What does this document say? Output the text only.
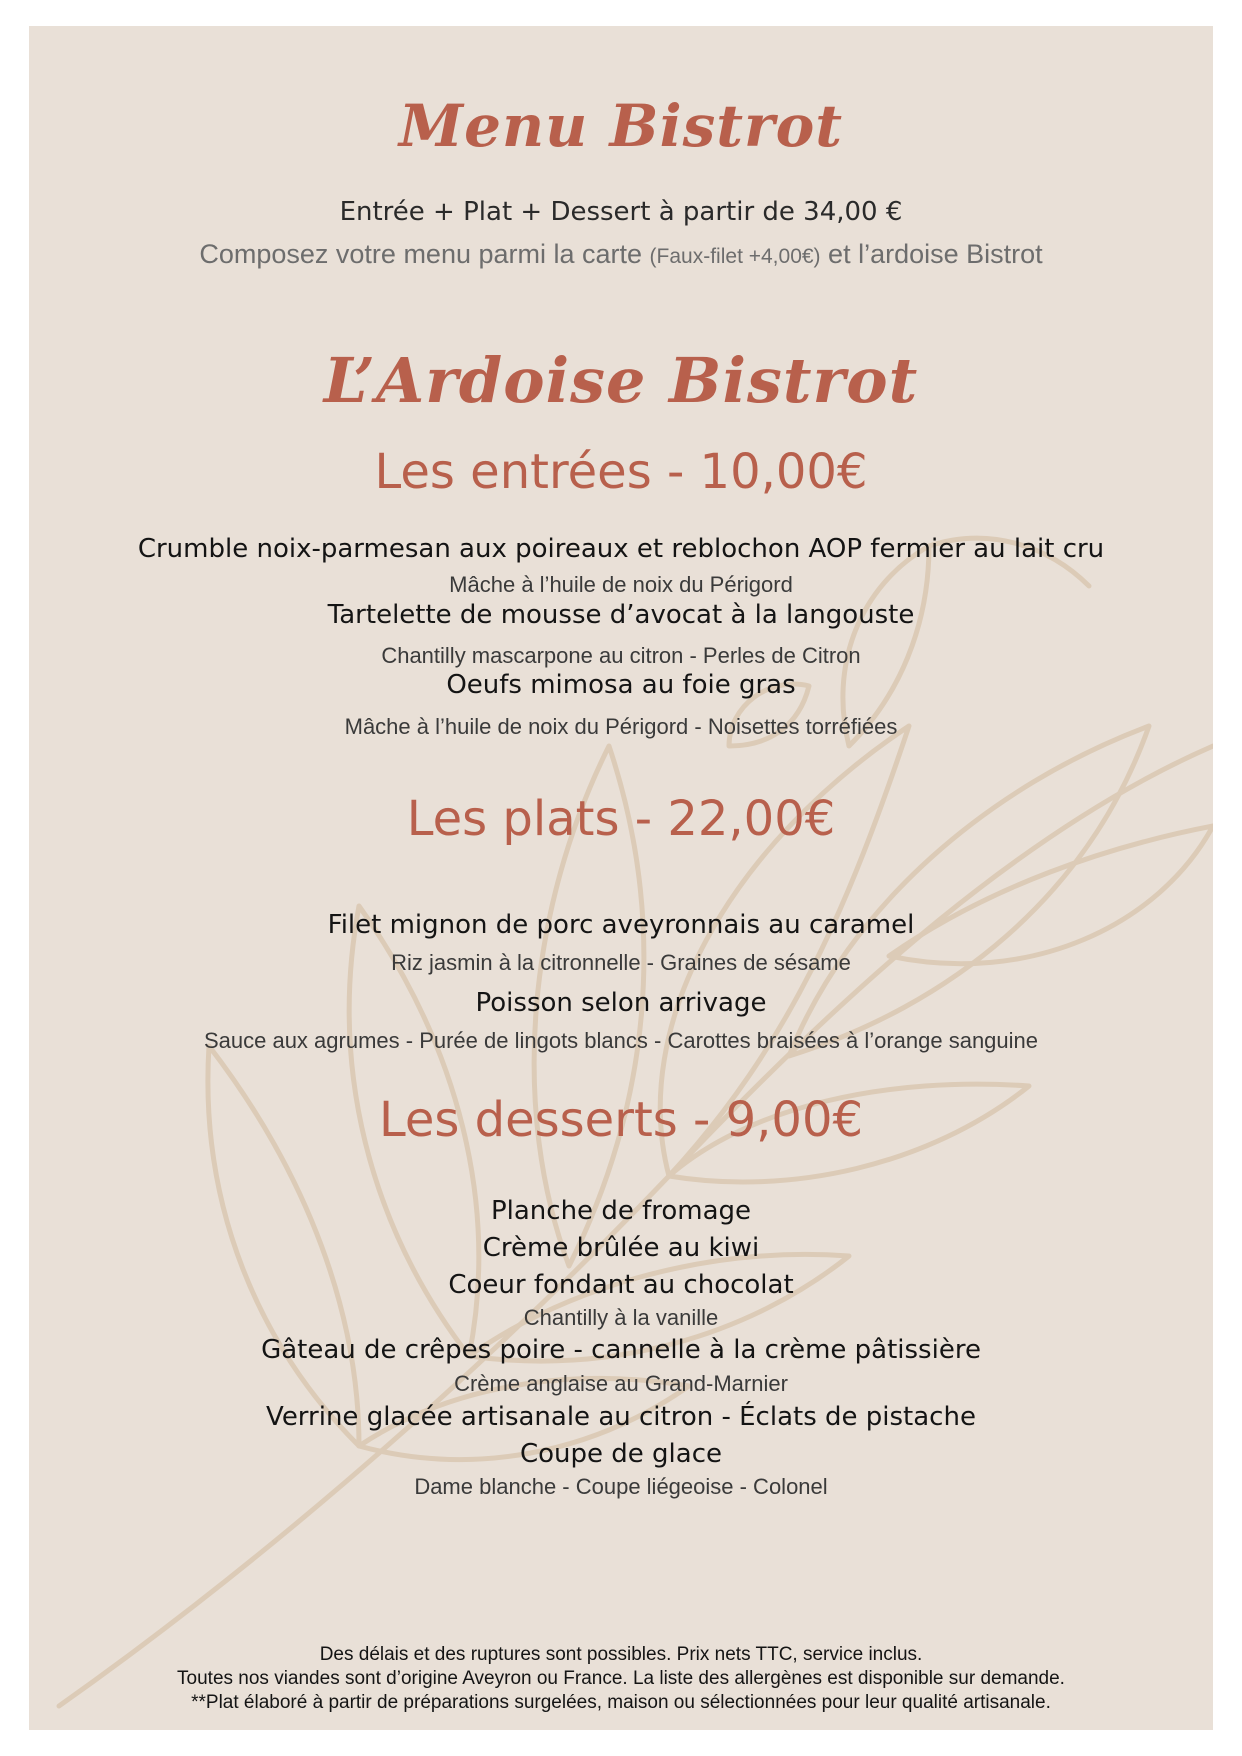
Menu Bistrot
Entrée + Plat + Dessert à partir de 34,00 €
Composez votre menu parmi la carte (Faux-filet +4,00€) et l’ardoise Bistrot
L’Ardoise Bistrot
Les entrées - 10,00€
Crumble noix-parmesan aux poireaux et reblochon AOP fermier au lait cru
Mâche à l’huile de noix du Périgord
Tartelette de mousse d’avocat à la langouste
Chantilly mascarpone au citron - Perles de Citron
Oeufs mimosa au foie gras
Mâche à l’huile de noix du Périgord - Noisettes torréfiées
Les plats - 22,00€
Filet mignon de porc aveyronnais au caramel
Riz jasmin à la citronnelle - Graines de sésame
Poisson selon arrivage
Sauce aux agrumes - Purée de lingots blancs - Carottes braisées à l’orange sanguine
Les desserts - 9,00€
Planche de fromage
Crème brûlée au kiwi
Coeur fondant au chocolat
Chantilly à la vanille
Gâteau de crêpes poire - cannelle à la crème pâtissière
Crème anglaise au Grand-Marnier
Verrine glacée artisanale au citron - Éclats de pistache
Coupe de glace
Dame blanche - Coupe liégeoise - Colonel
Des délais et des ruptures sont possibles. Prix nets TTC, service inclus.
Toutes nos viandes sont d’origine Aveyron ou France. La liste des allergènes est disponible sur demande.
**Plat élaboré à partir de préparations surgelées, maison ou sélectionnées pour leur qualité artisanale.
